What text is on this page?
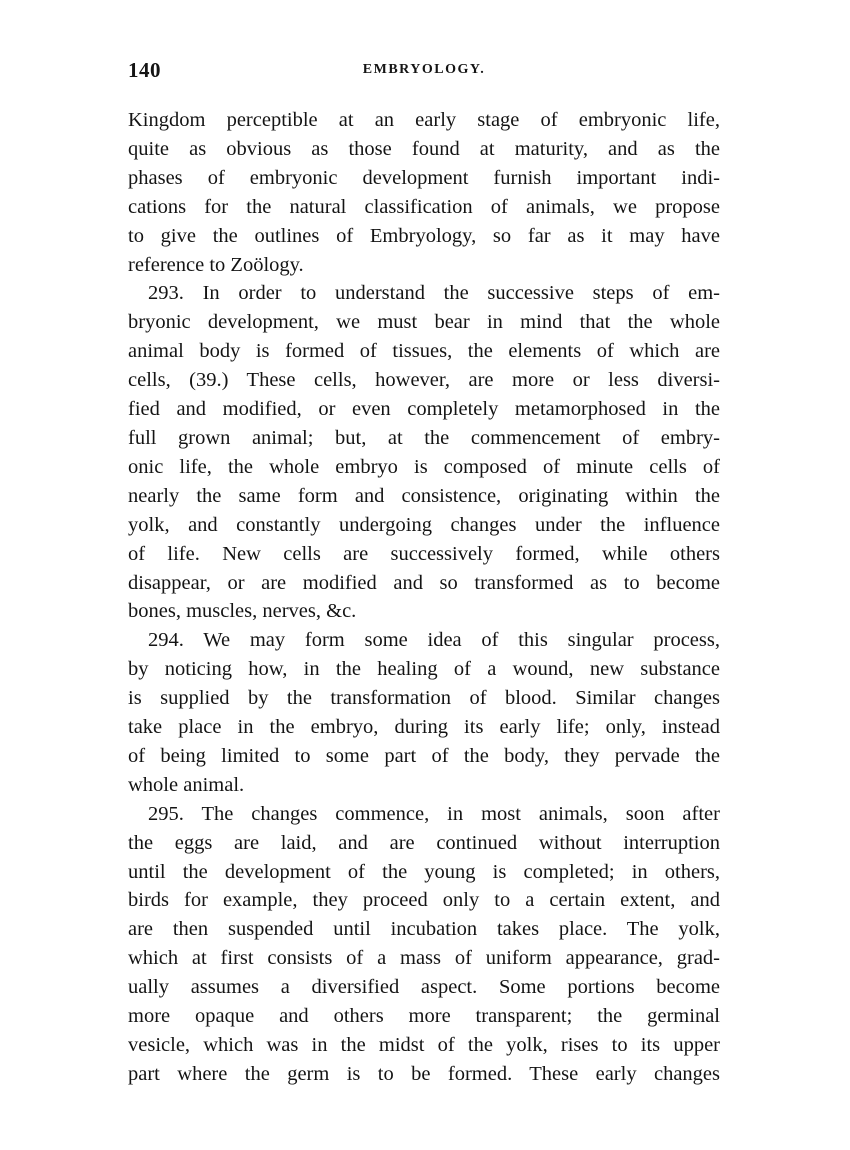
140	EMBRYOLOGY.
Kingdom perceptible at an early stage of embryonic life,
quite as obvious as those found at maturity, and as the
phases of embryonic development furnish important indi-
cations for the natural classification of animals, we propose
to give the outlines of Embryology, so far as it may have
reference to Zoölogy.
293. In order to understand the successive steps of em-
bryonic development, we must bear in mind that the whole
animal body is formed of tissues, the elements of which are
cells, (39.) These cells, however, are more or less diversi-
fied and modified, or even completely metamorphosed in the
full grown animal; but, at the commencement of embry-
onic life, the whole embryo is composed of minute cells of
nearly the same form and consistence, originating within the
yolk, and constantly undergoing changes under the influence
of life. New cells are successively formed, while others
disappear, or are modified and so transformed as to become
bones, muscles, nerves, &c.
294. We may form some idea of this singular process,
by noticing how, in the healing of a wound, new substance
is supplied by the transformation of blood. Similar changes
take place in the embryo, during its early life; only, instead
of being limited to some part of the body, they pervade the
whole animal.
295. The changes commence, in most animals, soon after
the eggs are laid, and are continued without interruption
until the development of the young is completed; in others,
birds for example, they proceed only to a certain extent, and
are then suspended until incubation takes place. The yolk,
which at first consists of a mass of uniform appearance, grad-
ually assumes a diversified aspect. Some portions become
more opaque and others more transparent; the germinal
vesicle, which was in the midst of the yolk, rises to its upper
part where the germ is to be formed. These early changes
